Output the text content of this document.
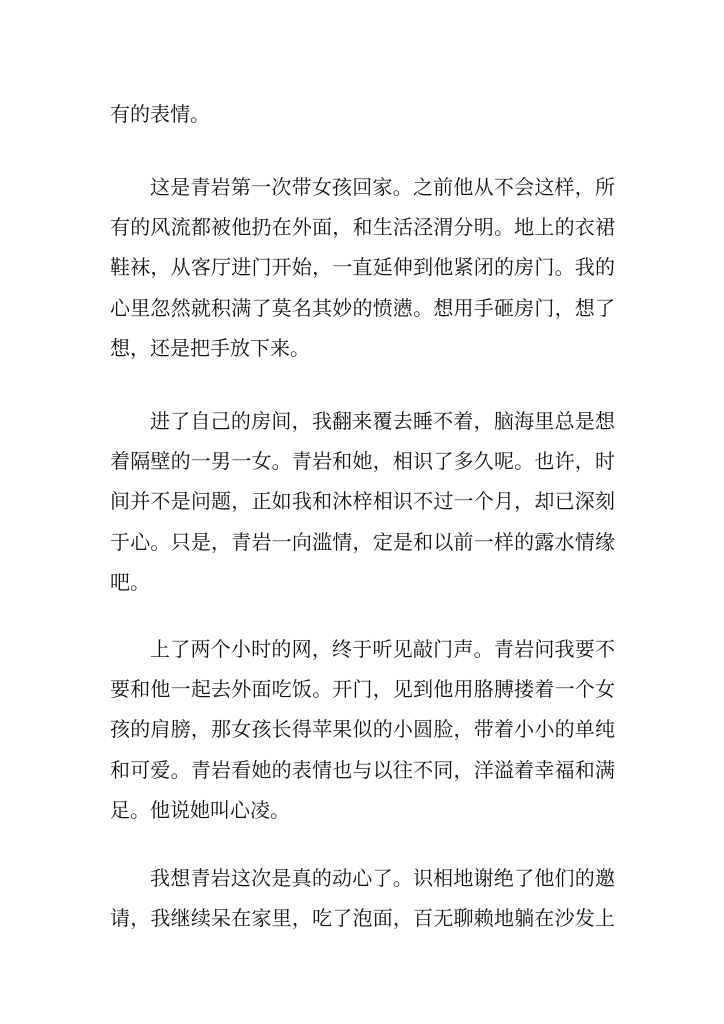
有的表情。
这是青岩第一次带女孩回家。之前他从不会这样，所
有的风流都被他扔在外面，和生活泾渭分明。地上的衣裙
鞋袜，从客厅进门开始，一直延伸到他紧闭的房门。我的
心里忽然就积满了莫名其妙的愤懑。想用手砸房门，想了
想，还是把手放下来。
进了自己的房间，我翻来覆去睡不着，脑海里总是想
着隔壁的一男一女。青岩和她，相识了多久呢。也许，时
间并不是问题，正如我和沐梓相识不过一个月，却已深刻
于心。只是，青岩一向滥情，定是和以前一样的露水情缘
吧。
上了两个小时的网，终于听见敲门声。青岩问我要不
要和他一起去外面吃饭。开门，见到他用胳膊搂着一个女
孩的肩膀，那女孩长得苹果似的小圆脸，带着小小的单纯
和可爱。青岩看她的表情也与以往不同，洋溢着幸福和满
足。他说她叫心凌。
我想青岩这次是真的动心了。识相地谢绝了他们的邀
请，我继续呆在家里，吃了泡面，百无聊赖地躺在沙发上
